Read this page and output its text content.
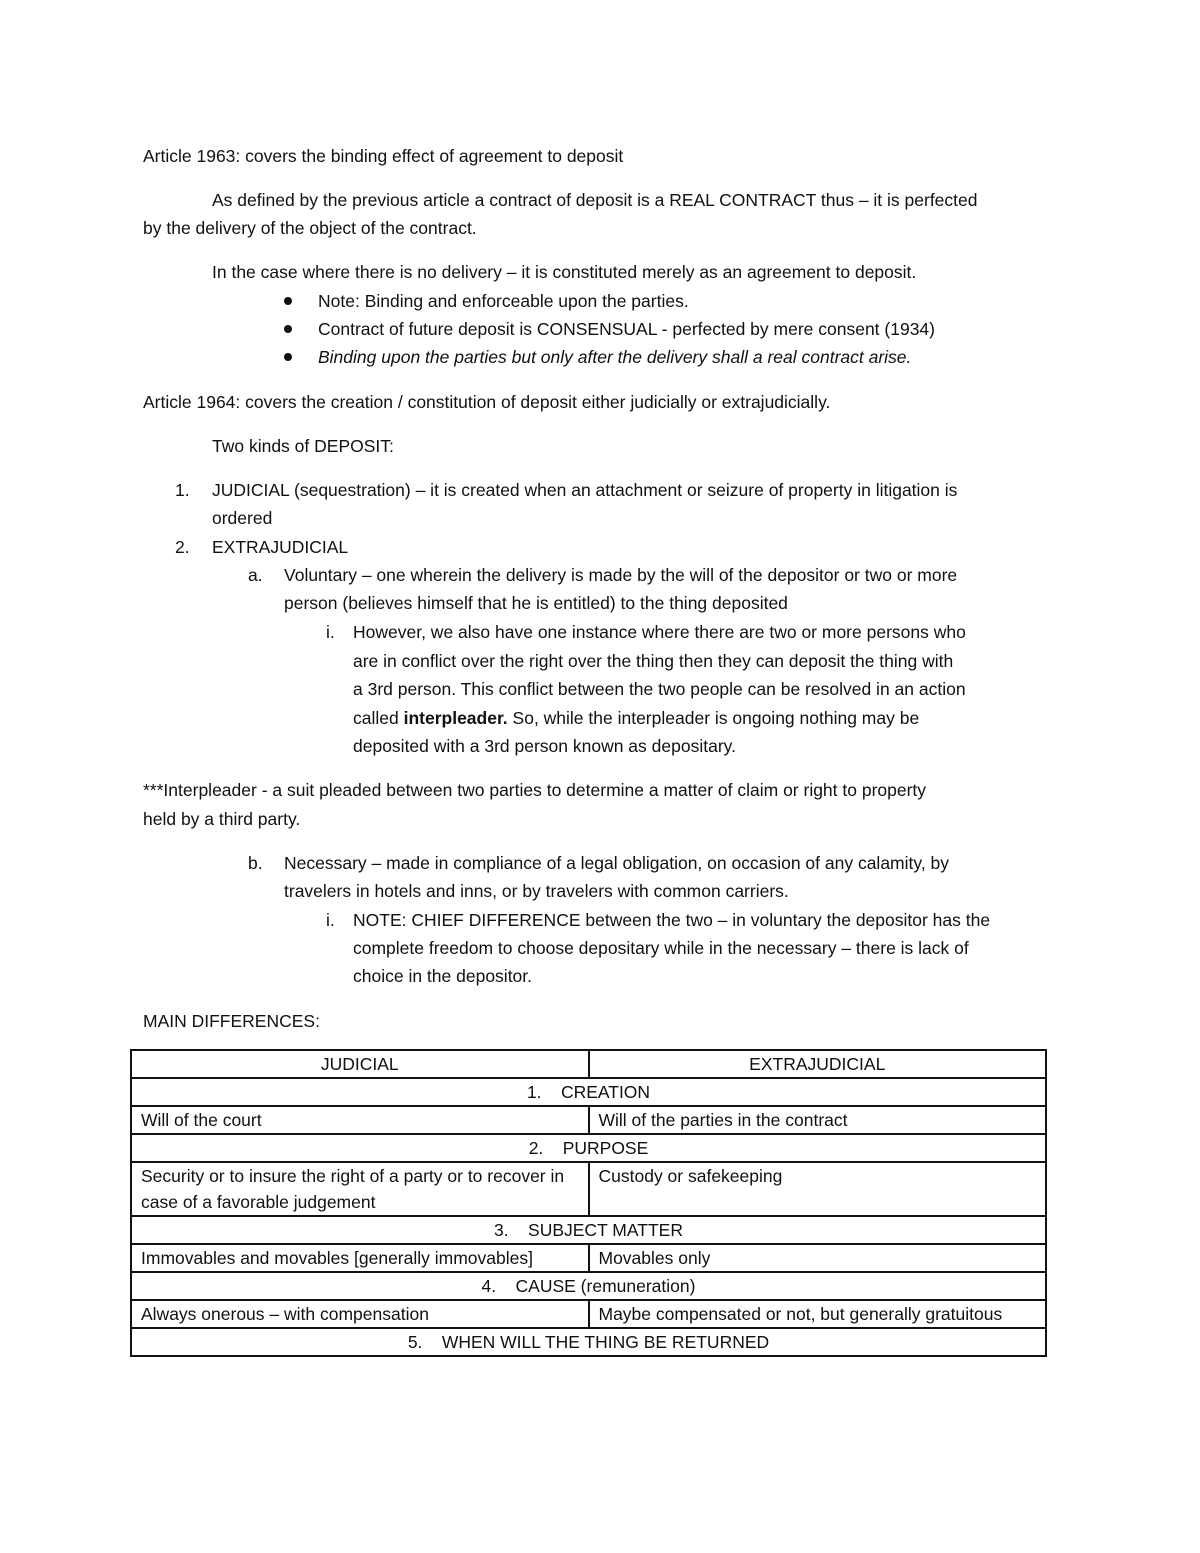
Article 1963: covers the binding effect of agreement to deposit
As defined by the previous article a contract of deposit is a REAL CONTRACT thus – it is perfected
by the delivery of the object of the contract.
In the case where there is no delivery – it is constituted merely as an agreement to deposit.
Note: Binding and enforceable upon the parties.
Contract of future deposit is CONSENSUAL - perfected by mere consent (1934)
Binding upon the parties but only after the delivery shall a real contract arise.
Article 1964: covers the creation / constitution of deposit either judicially or extrajudicially.
Two kinds of DEPOSIT:
1. JUDICIAL (sequestration) – it is created when an attachment or seizure of property in litigation is
ordered
2. EXTRAJUDICIAL
a. Voluntary – one wherein the delivery is made by the will of the depositor or two or more
person (believes himself that he is entitled) to the thing deposited
i. However, we also have one instance where there are two or more persons who
are in conflict over the right over the thing then they can deposit the thing with
a 3rd person. This conflict between the two people can be resolved in an action
called interpleader. So, while the interpleader is ongoing nothing may be
deposited with a 3rd person known as depositary.
***Interpleader - a suit pleaded between two parties to determine a matter of claim or right to property
held by a third party.
b. Necessary – made in compliance of a legal obligation, on occasion of any calamity, by
travelers in hotels and inns, or by travelers with common carriers.
i. NOTE: CHIEF DIFFERENCE between the two – in voluntary the depositor has the
complete freedom to choose depositary while in the necessary – there is lack of
choice in the depositor.
MAIN DIFFERENCES:
JUDICIAL	EXTRAJUDICIAL
1. CREATION	
Will of the court	Will of the parties in the contract
2. PURPOSE	
Security or to insure the right of a party or to recover in case of a favorable judgement	Custody or safekeeping
3. SUBJECT MATTER	
Immovables and movables [generally immovables]	Movables only
4. CAUSE (remuneration)	
Always onerous – with compensation	Maybe compensated or not, but generally gratuitous
5. WHEN WILL THE THING BE RETURNED	
